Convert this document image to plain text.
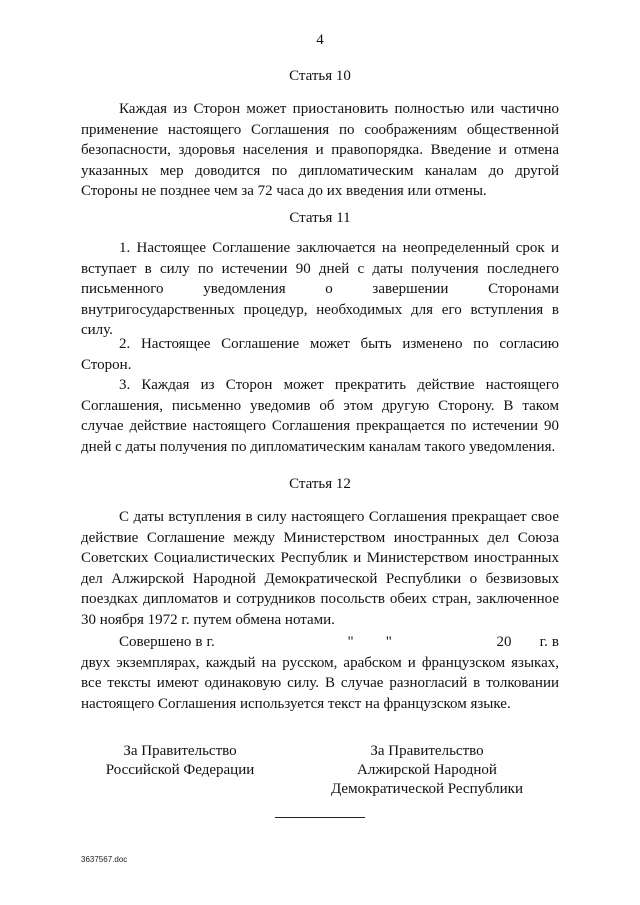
4
Статья 10
Каждая из Сторон может приостановить полностью или частично применение настоящего Соглашения по соображениям общественной безопасности, здоровья населения и правопорядка. Введение и отмена указанных мер доводится по дипломатическим каналам до другой Стороны не позднее чем за 72 часа до их введения или отмены.
Статья 11
1. Настоящее Соглашение заключается на неопределенный срок и вступает в силу по истечении 90 дней с даты получения последнего письменного уведомления о завершении Сторонами внутригосударственных процедур, необходимых для его вступления в силу.
2. Настоящее Соглашение может быть изменено по согласию Сторон.
3. Каждая из Сторон может прекратить действие настоящего Соглашения, письменно уведомив об этом другую Сторону. В таком случае действие настоящего Соглашения прекращается по истечении 90 дней с даты получения по дипломатическим каналам такого уведомления.
Статья 12
С даты вступления в силу настоящего Соглашения прекращает свое действие Соглашение между Министерством иностранных дел Союза Советских Социалистических Республик и Министерством иностранных дел Алжирской Народной Демократической Республики о безвизовых поездках дипломатов и сотрудников посольств обеих стран, заключенное 30 ноября 1972 г. путем обмена нотами.
Совершено в г.                                 "        "                          20       г. в двух экземплярах, каждый на русском, арабском и французском языках, все тексты имеют одинаковую силу. В случае разногласий в толковании настоящего Соглашения используется текст на французском языке.
За Правительство
Российской Федерации
За Правительство
Алжирской Народной
Демократической Республики
3637567.doc
